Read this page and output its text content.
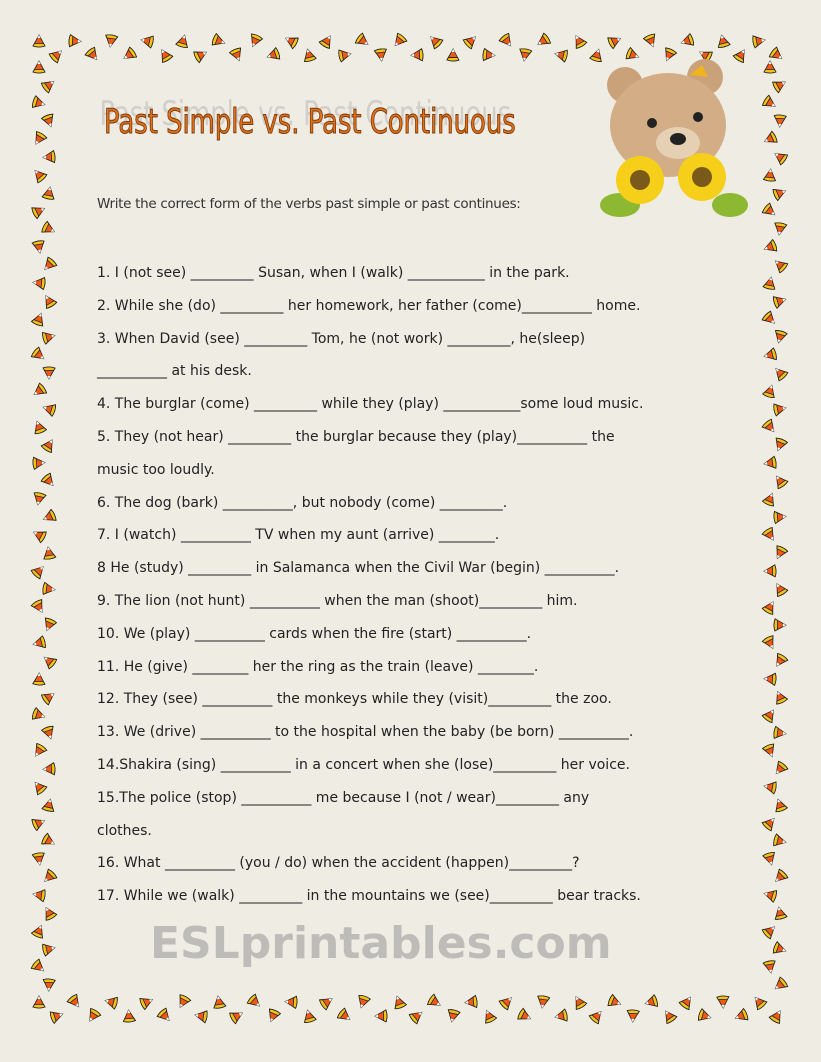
Past Simple vs. Past Continuous
Write the correct form of the verbs past simple or past continues:
1. I (not see) _________ Susan, when I (walk) ___________ in the park.
2. While she (do) _________ her homework, her father (come)__________ home.
3. When David (see) _________ Tom, he (not work) _________, he(sleep)
__________ at his desk.
4. The burglar (come) _________ while they (play) ___________some loud music.
5. They (not hear) _________ the burglar because they (play)__________ the
music too loudly.
6. The dog (bark) __________, but nobody (come) _________.
7. I (watch) __________ TV when my aunt (arrive) ________.
8 He (study) _________ in Salamanca when the Civil War (begin) __________.
9. The lion (not hunt) __________ when the man (shoot)_________ him.
10. We (play) __________ cards when the fire (start) __________.
11. He (give) ________ her the ring as the train (leave) ________.
12. They (see) __________ the monkeys while they (visit)_________ the zoo.
13. We (drive) __________ to the hospital when the baby (be born) __________.
14.Shakira (sing) __________ in a concert when she (lose)_________ her voice.
15.The police (stop) __________ me because I (not / wear)_________ any
clothes.
16. What __________ (you / do) when the accident (happen)_________?
17. While we (walk) _________ in the mountains we (see)_________ bear tracks.
ESLprintables.com
